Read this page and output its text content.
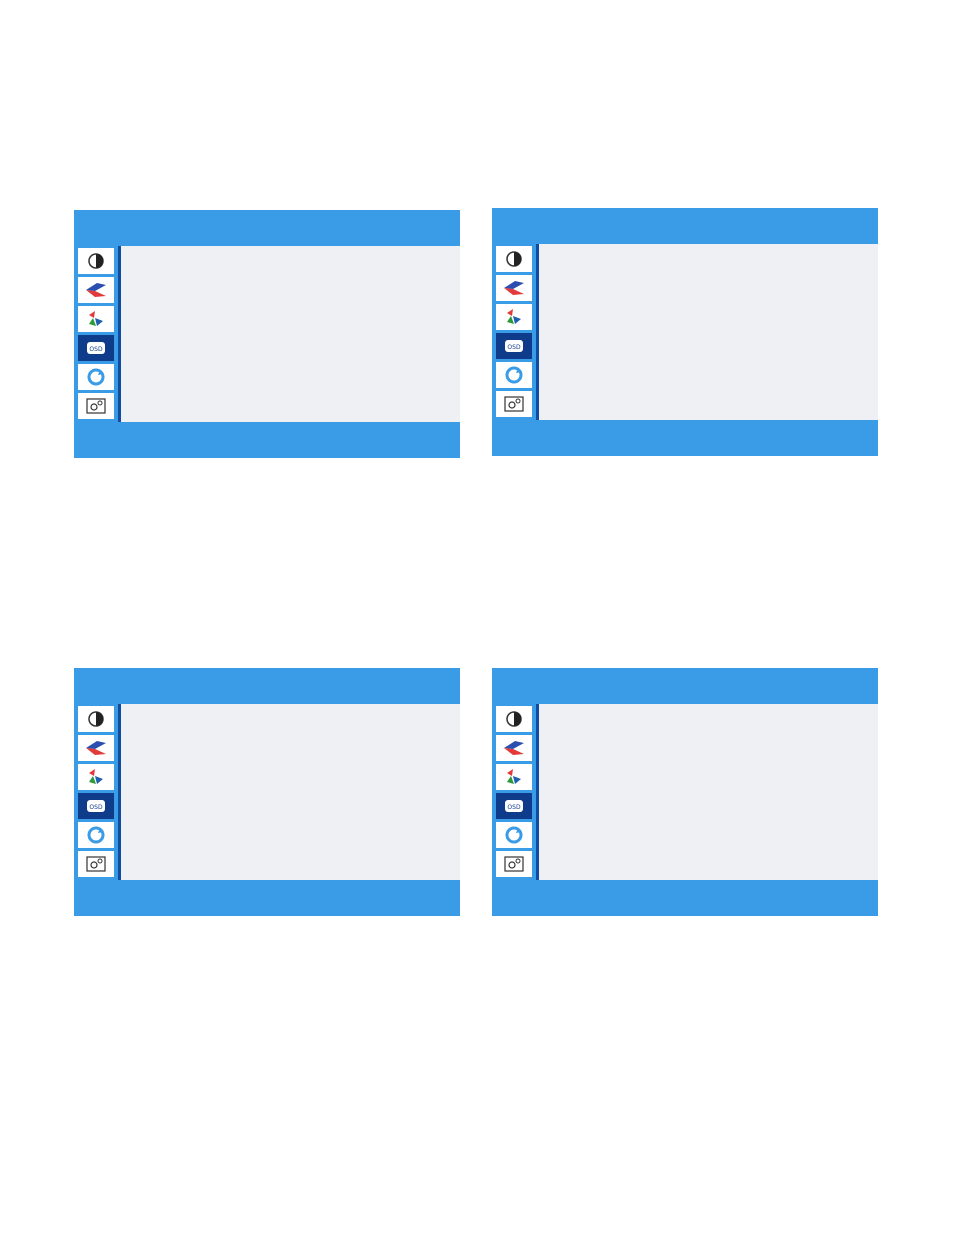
OSD	OSD

OSD	OSD
